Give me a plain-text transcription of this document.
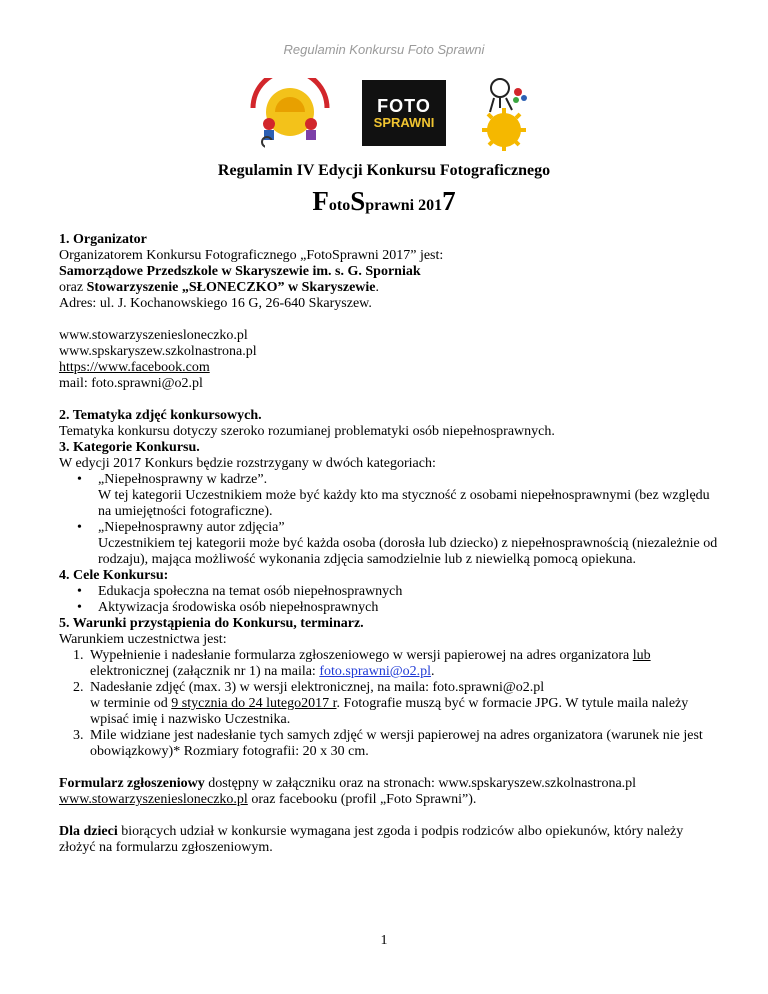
Regulamin Konkursu Foto Sprawni
FOTO
SPRAWNI
Regulamin IV Edycji Konkursu Fotograficznego
FotoSprawni 2017

1. Organizator

Organizatorem Konkursu Fotograficznego „FotoSprawni 2017” jest:

Samorządowe Przedszkole w Skaryszewie im. s. G. Sporniak

oraz Stowarzyszenie „SŁONECZKO” w Skaryszewie.

Adres: ul. J. Kochanowskiego 16 G, 26-640 Skaryszew.

www.stowarzyszeniesloneczko.pl

www.spskaryszew.szkolnastrona.pl

https://www.facebook.com

mail: foto.sprawni@o2.pl

2. Tematyka zdjęć konkursowych.

Tematyka konkursu dotyczy szeroko rozumianej problematyki osób niepełnosprawnych.

3. Kategorie Konkursu.

W edycji 2017 Konkurs będzie rozstrzygany w dwóch kategoriach:

• „Niepełnosprawny w kadrze”.
W tej kategorii Uczestnikiem może być każdy kto ma styczność z osobami niepełnosprawnymi (bez względu na umiejętności fotograficzne).
• „Niepełnosprawny autor zdjęcia”
Uczestnikiem tej kategorii może być każda osoba (dorosła lub dziecko) z niepełnosprawnością (niezależnie od rodzaju), mająca możliwość wykonania zdjęcia samodzielnie lub z niewielką pomocą opiekuna.

4. Cele Konkursu:

• Edukacja społeczna na temat osób niepełnosprawnych
• Aktywizacja środowiska osób niepełnosprawnych

5. Warunki przystąpienia do Konkursu, terminarz.

Warunkiem uczestnictwa jest:

1. Wypełnienie i nadesłanie formularza zgłoszeniowego w wersji papierowej na adres organizatora lub elektronicznej (załącznik nr 1) na maila: foto.sprawni@o2.pl.
2. Nadesłanie zdjęć (max. 3) w wersji elektronicznej, na maila: foto.sprawni@o2.pl
w terminie od 9 stycznia do 24 lutego2017 r. Fotografie muszą być w formacie JPG. W tytule maila należy wpisać imię i nazwisko Uczestnika.
3. Mile widziane jest nadesłanie tych samych zdjęć w wersji papierowej na adres organizatora (warunek nie jest obowiązkowy)* Rozmiary fotografii: 20 x 30 cm.

Formularz zgłoszeniowy dostępny w załączniku oraz na stronach: www.spskaryszew.szkolnastrona.pl www.stowarzyszeniesloneczko.pl oraz facebooku (profil „Foto Sprawni”).

Dla dzieci biorących udział w konkursie wymagana jest zgoda i podpis rodziców albo opiekunów, który należy złożyć na formularzu zgłoszeniowym.

1
